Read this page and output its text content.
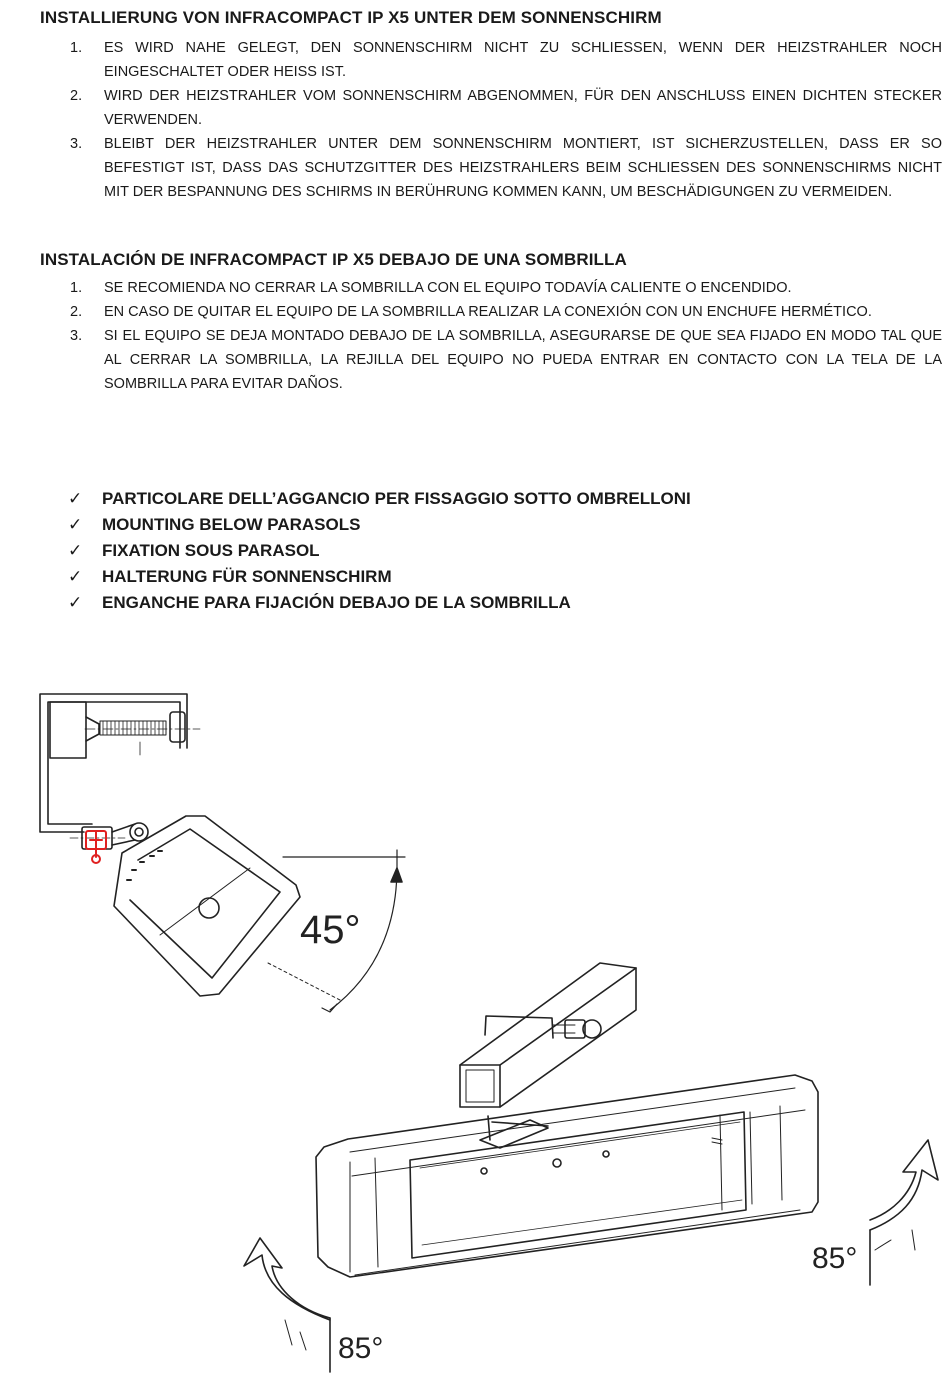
INSTALLIERUNG VON INFRACOMPACT IP X5 UNTER DEM SONNENSCHIRM
1. ES WIRD NAHE GELEGT, DEN SONNENSCHIRM NICHT ZU SCHLIESSEN, WENN DER HEIZSTRAHLER NOCH EINGESCHALTET ODER HEISS IST.
2. WIRD DER HEIZSTRAHLER VOM SONNENSCHIRM ABGENOMMEN, FÜR DEN ANSCHLUSS EINEN DICHTEN STECKER VERWENDEN.
3. BLEIBT DER HEIZSTRAHLER UNTER DEM SONNENSCHIRM MONTIERT, IST SICHERZUSTELLEN, DASS ER SO BEFESTIGT IST, DASS DAS SCHUTZGITTER DES HEIZSTRAHLERS BEIM SCHLIESSEN DES SONNENSCHIRMS NICHT MIT DER BESPANNUNG DES SCHIRMS IN BERÜHRUNG KOMMEN KANN, UM BESCHÄDIGUNGEN ZU VERMEIDEN.
INSTALACIÓN DE INFRACOMPACT IP X5 DEBAJO DE UNA SOMBRILLA
1. SE RECOMIENDA NO CERRAR LA SOMBRILLA CON EL EQUIPO TODAVÍA CALIENTE O ENCENDIDO.
2. EN CASO DE QUITAR EL EQUIPO DE LA SOMBRILLA REALIZAR LA CONEXIÓN CON UN ENCHUFE HERMÉTICO.
3. SI EL EQUIPO SE DEJA MONTADO DEBAJO DE LA SOMBRILLA, ASEGURARSE DE QUE SEA FIJADO EN MODO TAL QUE AL CERRAR LA SOMBRILLA, LA REJILLA DEL EQUIPO NO PUEDA ENTRAR EN CONTACTO CON LA TELA DE LA SOMBRILLA PARA EVITAR DAÑOS.
✓	PARTICOLARE DELL’AGGANCIO PER FISSAGGIO SOTTO OMBRELLONI
✓	MOUNTING BELOW PARASOLS
✓	FIXATION SOUS PARASOL
✓	HALTERUNG FÜR SONNENSCHIRM
✓	ENGANCHE PARA FIJACIÓN DEBAJO DE LA SOMBRILLA
45°
85°
85°
